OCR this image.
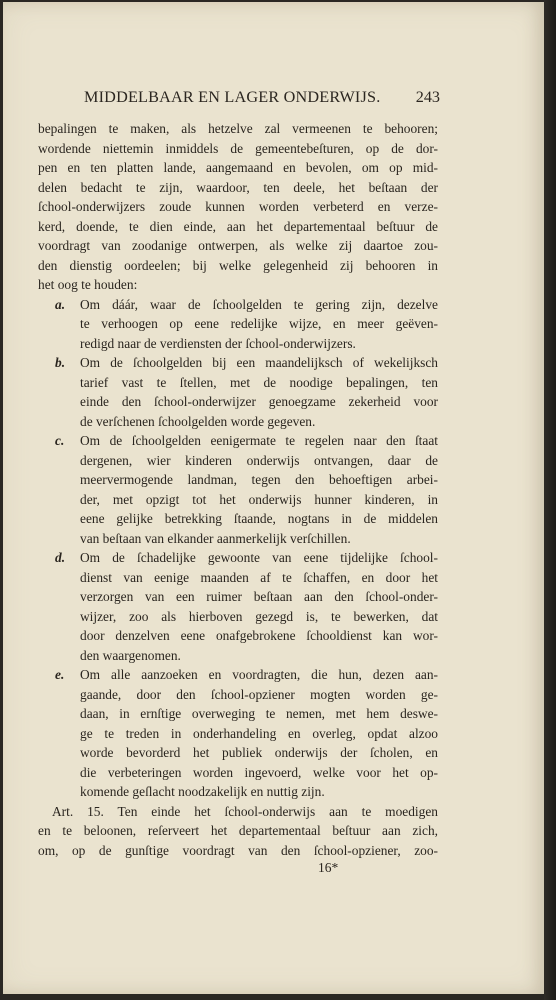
MIDDELBAAR EN LAGER ONDERWIJS. 243
bepalingen te maken, als hetzelve zal vermeenen te behooren;
wordende niettemin inmiddels de gemeentebeſturen, op de dor-
pen en ten platten lande, aangemaand en bevolen, om op mid-
delen bedacht te zijn, waardoor, ten deele, het beſtaan der
ſchool-onderwijzers zoude kunnen worden verbeterd en verze-
kerd, doende, te dien einde, aan het departementaal beſtuur de
voordragt van zoodanige ontwerpen, als welke zij daartoe zou-
den dienstig oordeelen; bij welke gelegenheid zij behooren in
het oog te houden:
a. Om dáár, waar de ſchoolgelden te gering zijn, dezelve
te verhoogen op eene redelijke wijze, en meer geëven-
redigd naar de verdiensten der ſchool-onderwijzers.
b. Om de ſchoolgelden bij een maandelijksch of wekelijksch
tarief vast te ſtellen, met de noodige bepalingen, ten
einde den ſchool-onderwijzer genoegzame zekerheid voor
de verſchenen ſchoolgelden worde gegeven.
c. Om de ſchoolgelden eenigermate te regelen naar den ſtaat
dergenen, wier kinderen onderwijs ontvangen, daar de
meervermogende landman, tegen den behoeftigen arbei-
der, met opzigt tot het onderwijs hunner kinderen, in
eene gelijke betrekking ſtaande, nogtans in de middelen
van beſtaan van elkander aanmerkelijk verſchillen.
d. Om de ſchadelijke gewoonte van eene tijdelijke ſchool-
dienst van eenige maanden af te ſchaffen, en door het
verzorgen van een ruimer beſtaan aan den ſchool-onder-
wijzer, zoo als hierboven gezegd is, te bewerken, dat
door denzelven eene onafgebrokene ſchooldienst kan wor-
den waargenomen.
e. Om alle aanzoeken en voordragten, die hun, dezen aan-
gaande, door den ſchool-opziener mogten worden ge-
daan, in ernſtige overweging te nemen, met hem deswe-
ge te treden in onderhandeling en overleg, opdat alzoo
worde bevorderd het publiek onderwijs der ſcholen, en
die verbeteringen worden ingevoerd, welke voor het op-
komende geſlacht noodzakelijk en nuttig zijn.
Art. 15. Ten einde het ſchool-onderwijs aan te moedigen
en te beloonen, reſerveert het departementaal beſtuur aan zich,
om, op de gunſtige voordragt van den ſchool-opziener, zoo-
16*
